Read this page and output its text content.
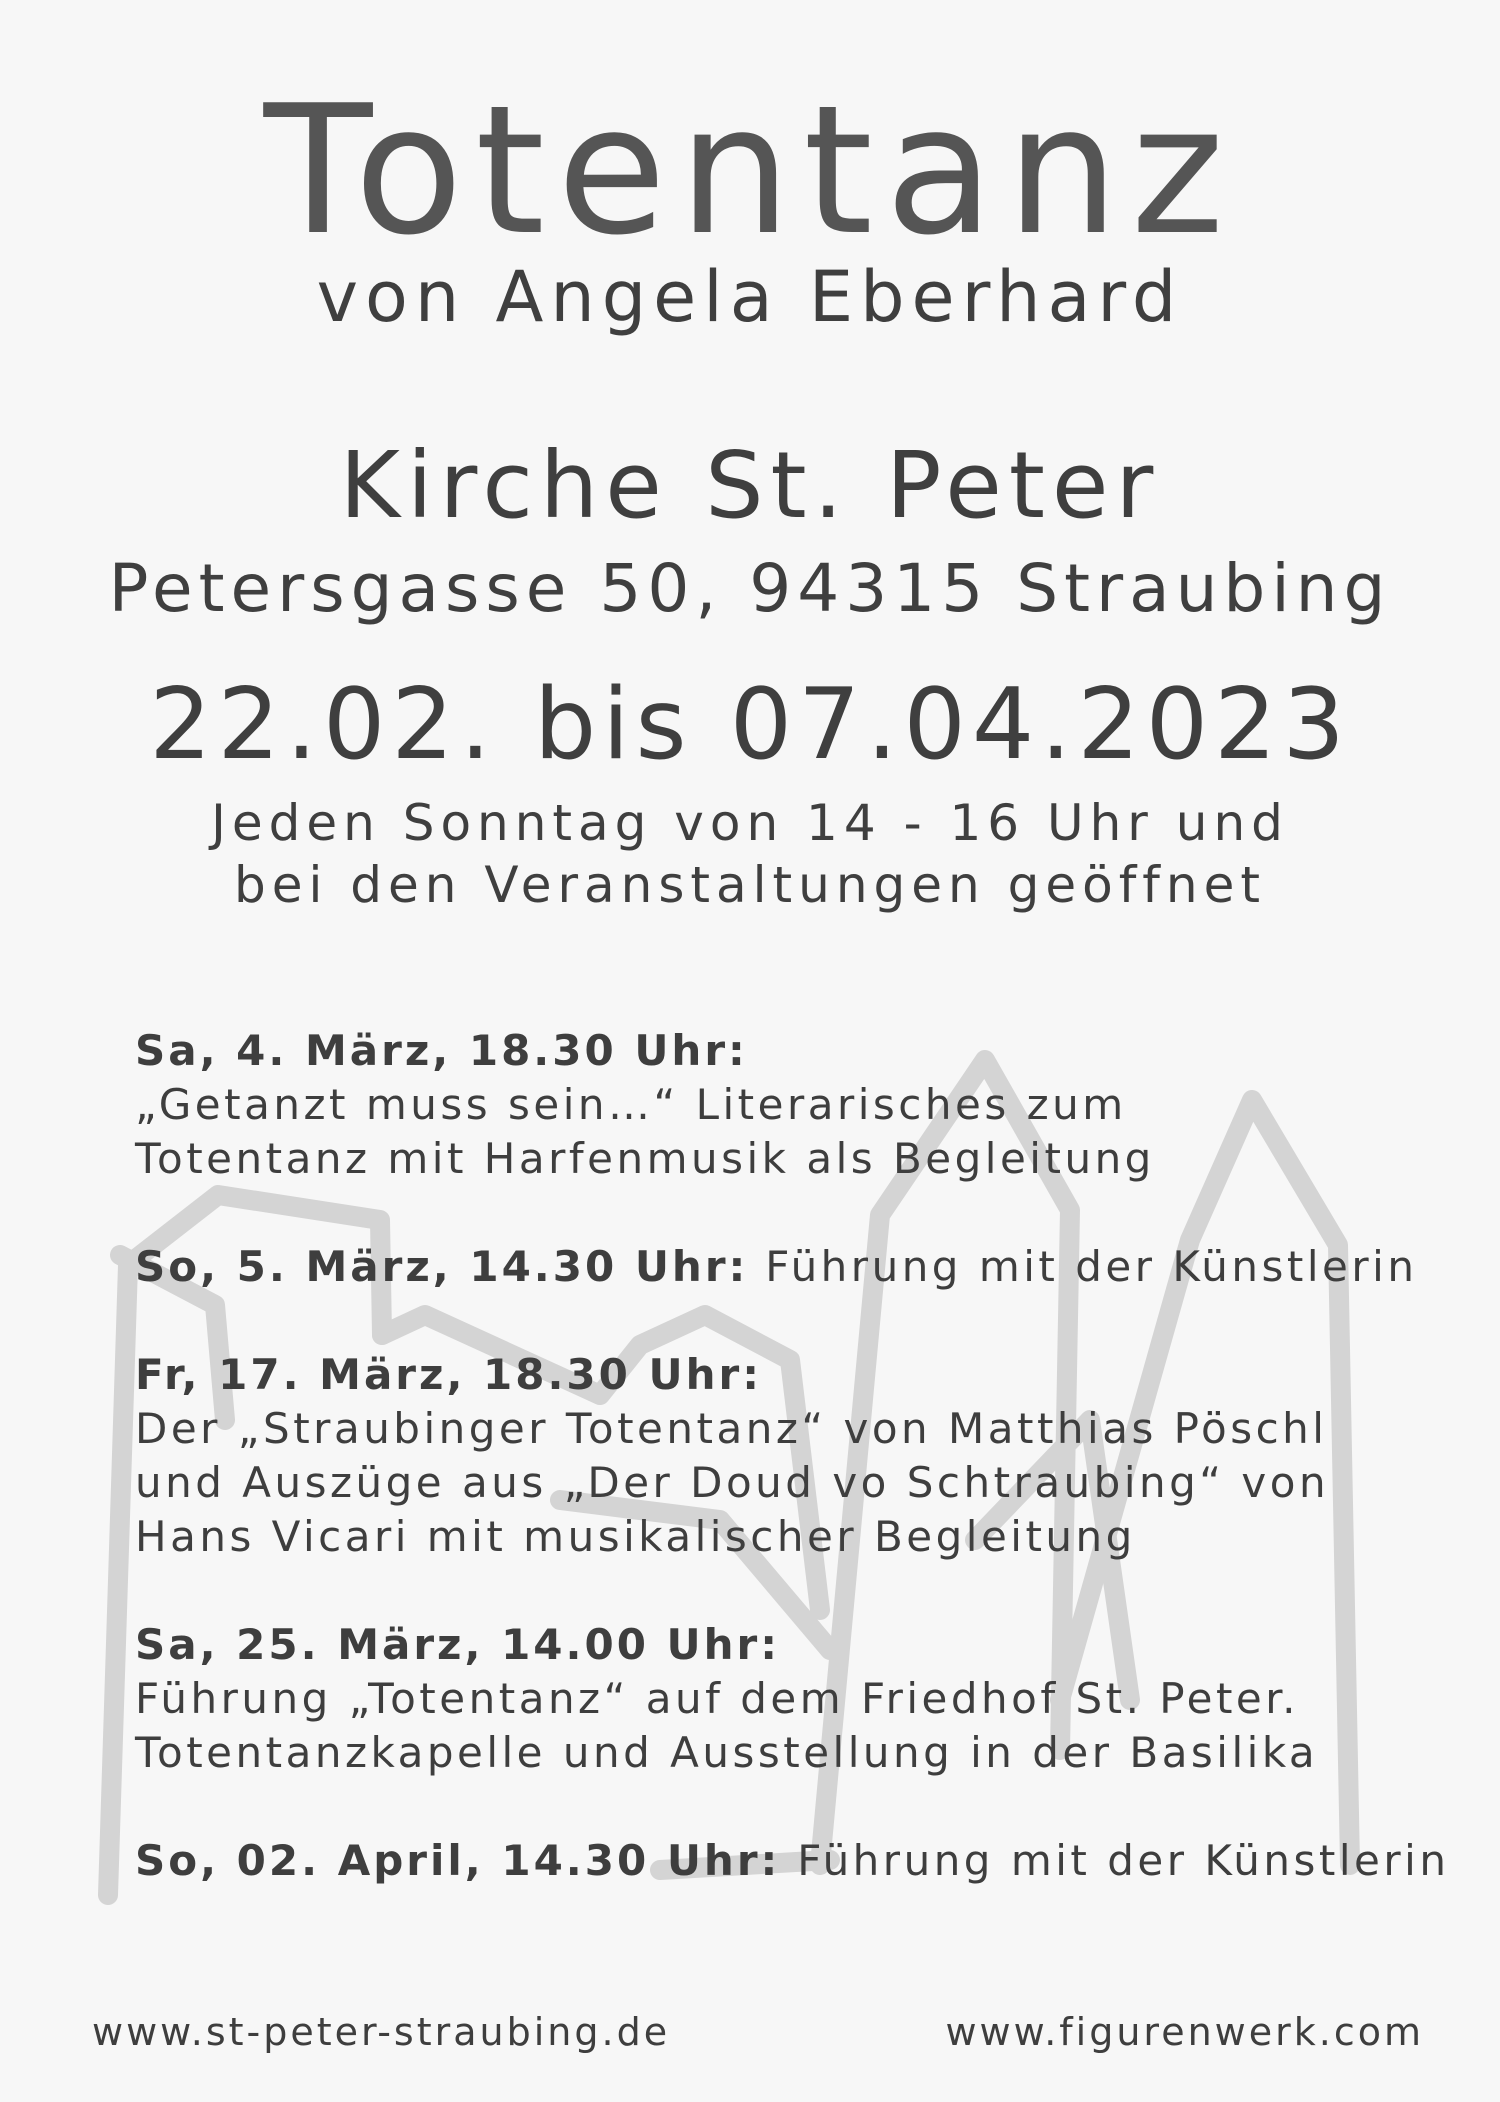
Totentanz
von Angela Eberhard
Kirche St. Peter
Petersgasse 50, 94315 Straubing
22.02. bis 07.04.2023
Jeden Sonntag von 14 - 16 Uhr und
bei den Veranstaltungen geöffnet
Sa, 4. März, 18.30 Uhr:
„Getanzt muss sein…“ Literarisches zum
Totentanz mit Harfenmusik als Begleitung
So, 5. März, 14.30 Uhr: Führung mit der Künstlerin
Fr, 17. März, 18.30 Uhr:
Der „Straubinger Totentanz“ von Matthias Pöschl
und Auszüge aus „Der Doud vo Schtraubing“ von
Hans Vicari mit musikalischer Begleitung
Sa, 25. März, 14.00 Uhr:
Führung „Totentanz“ auf dem Friedhof St. Peter.
Totentanzkapelle und Ausstellung in der Basilika
So, 02. April, 14.30 Uhr: Führung mit der Künstlerin
www.st-peter-straubing.de	www.figurenwerk.com
